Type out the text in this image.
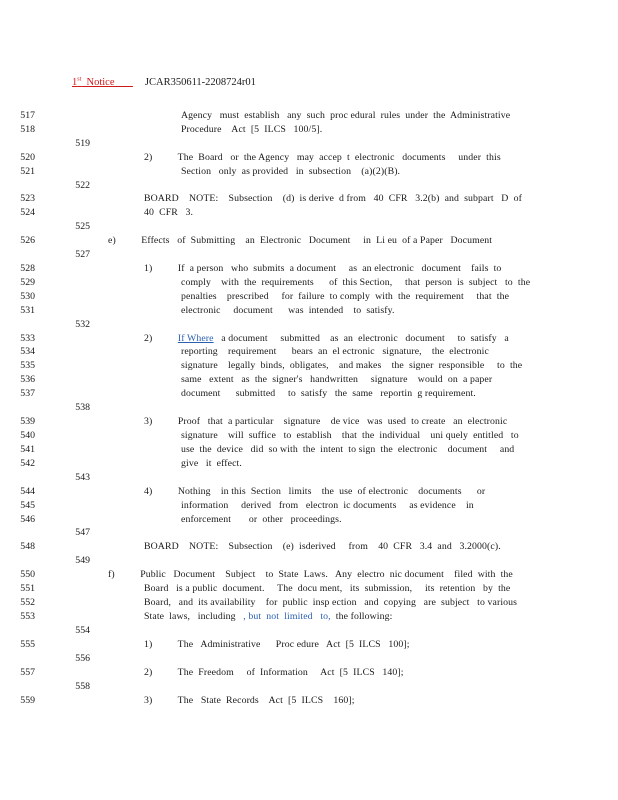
1st Notice	JCAR350611-2208724r01
517	Agency   must  establish   any  such  proc edural  rules  under  the  Administrative
518	Procedure    Act  [5  ILCS   100/5].
519
520	2)          The  Board   or  the Agency   may  accep  t  electronic   documents     under  this
521	Section   only  as provided   in  subsection    (a)(2)(B).
522
523	BOARD    NOTE:    Subsection    (d)  is derive  d from   40  CFR   3.2(b)  and  subpart   D  of
524	40  CFR   3.
525
526	e)          Effects   of  Submitting    an  Electronic   Document     in  Li eu  of a Paper   Document
527
528	1)          If  a person   who  submits  a document     as  an electronic   document    fails  to
529	comply    with  the  requirements      of  this Section,     that  person  is  subject   to  the
530	penalties    prescribed     for  failure  to comply  with  the  requirement     that  the
531	electronic     document      was  intended    to  satisfy.
532
533	2)	If Where   a document     submitted    as  an  electronic   document     to  satisfy   a
534	reporting    requirement      bears  an  el ectronic   signature,    the  electronic
535	signature    legally  binds,  obligates,    and makes    the  signer  responsible     to  the
536	same   extent   as  the  signer's   handwritten     signature    would  on  a paper
537	document      submitted     to  satisfy   the  same   reportin  g requirement.
538
539	3)          Proof   that  a particular    signature    de vice   was  used  to create   an  electronic
540	signature    will  suffice   to  establish    that  the  individual    uni quely  entitled   to
541	use  the  device   did  so with  the  intent  to sign  the  electronic    document     and
542	give   it  effect.
543
544	4)          Nothing    in this  Section   limits    the  use  of electronic    documents      or
545	information     derived   from   electron  ic documents     as evidence    in
546	enforcement       or  other   proceedings.
547
548	BOARD    NOTE:    Subsection    (e)  isderived     from    40  CFR   3.4  and   3.2000(c).
549
550	f)          Public   Document    Subject    to  State  Laws.   Any  electro  nic document    filed  with  the
551	Board   is a public  document.     The  docu ment,   its  submission,     its  retention   by  the
552	Board,   and  its availability    for  public  insp ection   and  copying   are  subject   to various
553	State  laws,   including   , but  not  limited   to,  the following:
554
555	1)          The   Administrative      Proc edure   Act  [5  ILCS   100];
556
557	2)          The  Freedom     of  Information     Act  [5  ILCS   140];
558
559	3)          The   State  Records    Act  [5  ILCS    160];
